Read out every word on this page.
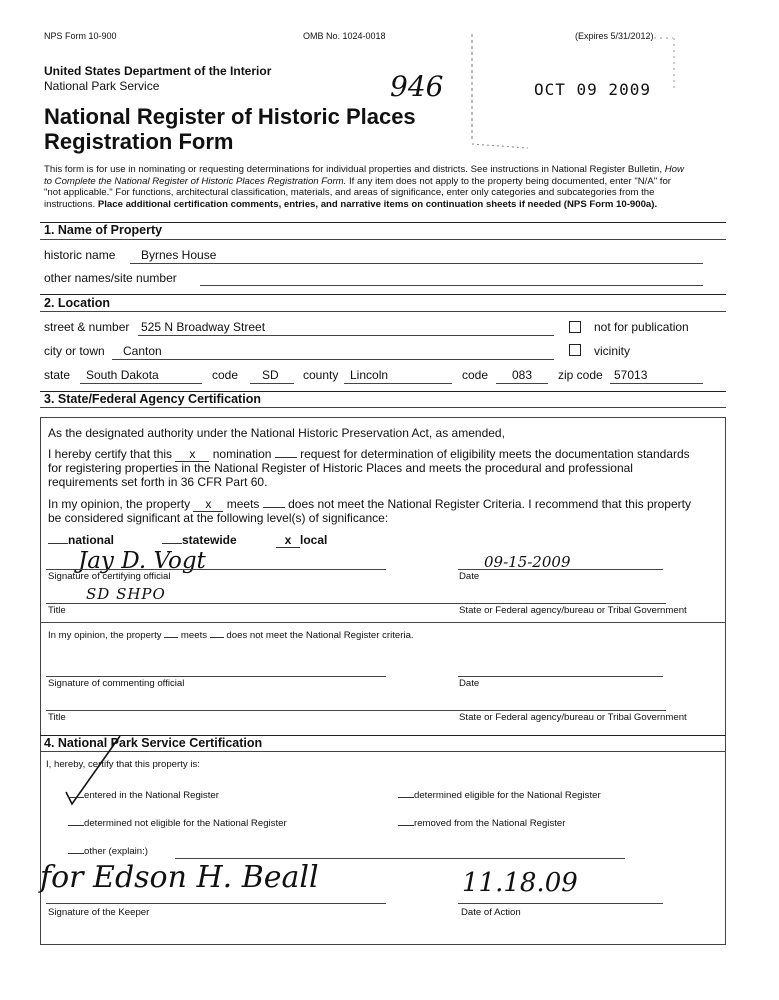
NPS Form 10-900	OMB No. 1024-0018	(Expires 5/31/2012)
United States Department of the Interior
National Park Service	946	OCT 09 2009
National Register of Historic Places
Registration Form
This form is for use in nominating or requesting determinations for individual properties and districts. See instructions in National Register Bulletin, How
to Complete the National Register of Historic Places Registration Form. If any item does not apply to the property being documented, enter "N/A" for
"not applicable." For functions, architectural classification, materials, and areas of significance, enter only categories and subcategories from the
instructions. Place additional certification comments, entries, and narrative items on continuation sheets if needed (NPS Form 10-900a).
1. Name of Property
historic name Byrnes House
other names/site number
2. Location
street & number 525 N Broadway Street	not for publication
city or town Canton	vicinity
state South Dakota	code SD county Lincoln	code 083 zip code 57013
3. State/Federal Agency Certification
As the designated authority under the National Historic Preservation Act, as amended,
I hereby certify that this x nomination  request for determination of eligibility meets the documentation standards
for registering properties in the National Register of Historic Places and meets the procedural and professional
requirements set forth in 36 CFR Part 60.
In my opinion, the property x meets  does not meet the National Register Criteria. I recommend that this property
be considered significant at the following level(s) of significance:
national	statewide	x local
Jay D. Vogt	09-15-2009
Signature of certifying official	Date
SD SHPO
Title	State or Federal agency/bureau or Tribal Government
In my opinion, the property  meets  does not meet the National Register criteria.
Signature of commenting official	Date
Title	State or Federal agency/bureau or Tribal Government
4. National Park Service Certification
I, hereby, certify that this property is:
entered in the National Register	determined eligible for the National Register
determined not eligible for the National Register	removed from the National Register
other (explain:)
for Edson H. Beall	11.18.09
Signature of the Keeper	Date of Action
